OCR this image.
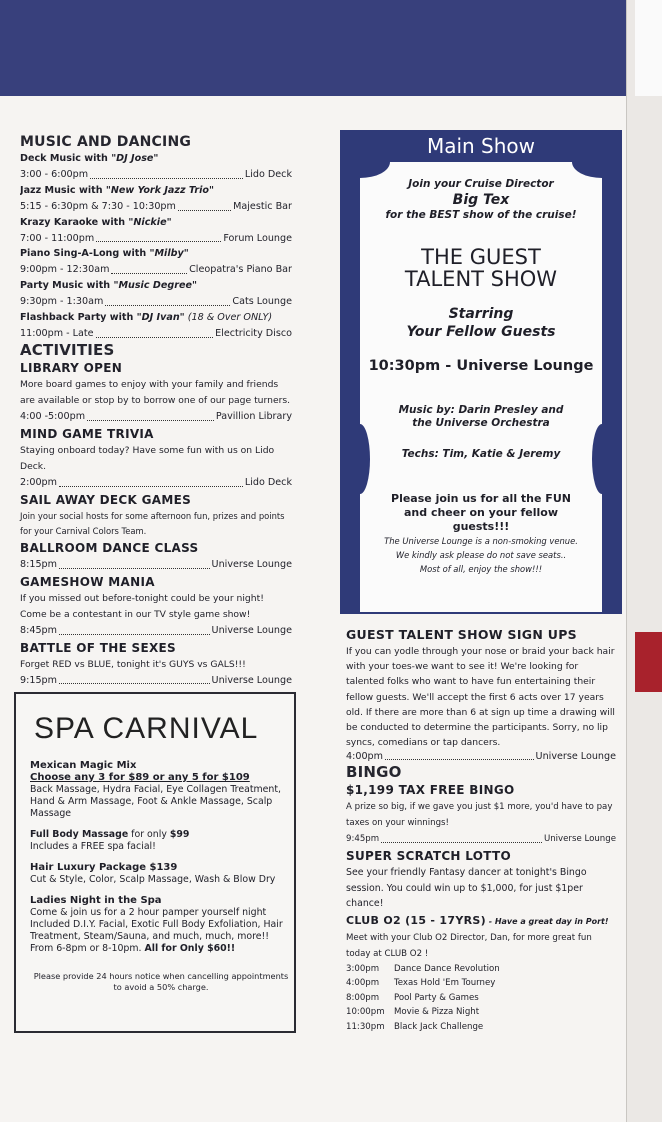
MUSIC AND DANCING
Deck Music with "DJ Jose"
3:00 - 6:00pm	Lido Deck
Jazz Music with "New York Jazz Trio"
5:15 - 6:30pm & 7:30 - 10:30pm	Majestic Bar
Krazy Karaoke with "Nickie"
7:00 - 11:00pm	Forum Lounge
Piano Sing-A-Long with "Milby"
9:00pm - 12:30am	Cleopatra's Piano Bar
Party Music with "Music Degree"
9:30pm - 1:30am	Cats Lounge
Flashback Party with "DJ Ivan" (18 & Over ONLY)
11:00pm - Late	Electricity Disco
ACTIVITIES
LIBRARY OPEN
More board games to enjoy with your family and friends are available or stop by to borrow one of our page turners.
4:00 -5:00pm	Pavillion Library
MIND GAME TRIVIA
Staying onboard today? Have some fun with us on Lido Deck.
2:00pm	Lido Deck
SAIL AWAY DECK GAMES
Join your social hosts for some afternoon fun, prizes and points for your Carnival Colors Team.
BALLROOM DANCE CLASS
8:15pm	Universe Lounge
GAMESHOW MANIA
If you missed out before-tonight could be your night! Come be a contestant in our TV style game show!
8:45pm	Universe Lounge
BATTLE OF THE SEXES
Forget RED vs BLUE, tonight it's GUYS vs GALS!!!
9:15pm	Universe Lounge
SPA CARNIVAL

Mexican Magic Mix

Choose any 3 for $89 or any 5 for $109

Back Massage, Hydra Facial, Eye Collagen Treatment, Hand & Arm Massage, Foot & Ankle Massage, Scalp Massage

Full Body Massage for only $99

Includes a FREE spa facial!

Hair Luxury Package $139

Cut & Style, Color, Scalp Massage, Wash & Blow Dry

Ladies Night in the Spa

Come & join us for a 2 hour pamper yourself night Included D.I.Y. Facial, Exotic Full Body Exfoliation, Hair Treatment, Steam/Sauna, and much, much, more!!

From 6-8pm or 8-10pm. All for Only $60!!

Please provide 24 hours notice when cancelling appointments to avoid a 50% charge.
Main Show
Join your Cruise Director
Big Tex
for the BEST show of the cruise!
THE GUEST
TALENT SHOW
Starring
Your Fellow Guests
10:30pm - Universe Lounge
Music by: Darin Presley and the Universe Orchestra
Techs: Tim, Katie & Jeremy
Please join us for all the FUN and cheer on your fellow guests!!!
The Universe Lounge is a non-smoking venue.
We kindly ask please do not save seats..
Most of all, enjoy the show!!!
GUEST TALENT SHOW SIGN UPS
If you can yodle through your nose or braid your back hair with your toes-we want to see it! We're looking for talented folks who want to have fun entertaining their fellow guests. We'll accept the first 6 acts over 17 years old. If there are more than 6 at sign up time a drawing will be conducted to determine the participants. Sorry, no lip syncs, comedians or tap dancers.
4:00pm	Universe Lounge
BINGO
$1,199 TAX FREE BINGO
A prize so big, if we gave you just $1 more, you'd have to pay taxes on your winnings!
9:45pm	Universe Lounge
SUPER SCRATCH LOTTO
See your friendly Fantasy dancer at tonight's Bingo session. You could win up to $1,000, for just $1per chance!
CLUB O2 (15 - 17YRS) - Have a great day in Port!
Meet with your Club O2 Director, Dan, for more great fun today at CLUB O2 !
3:00pm	Dance Dance Revolution
4:00pm	Texas Hold 'Em Tourney
8:00pm	Pool Party & Games
10:00pm	Movie & Pizza Night
11:30pm	Black Jack Challenge
